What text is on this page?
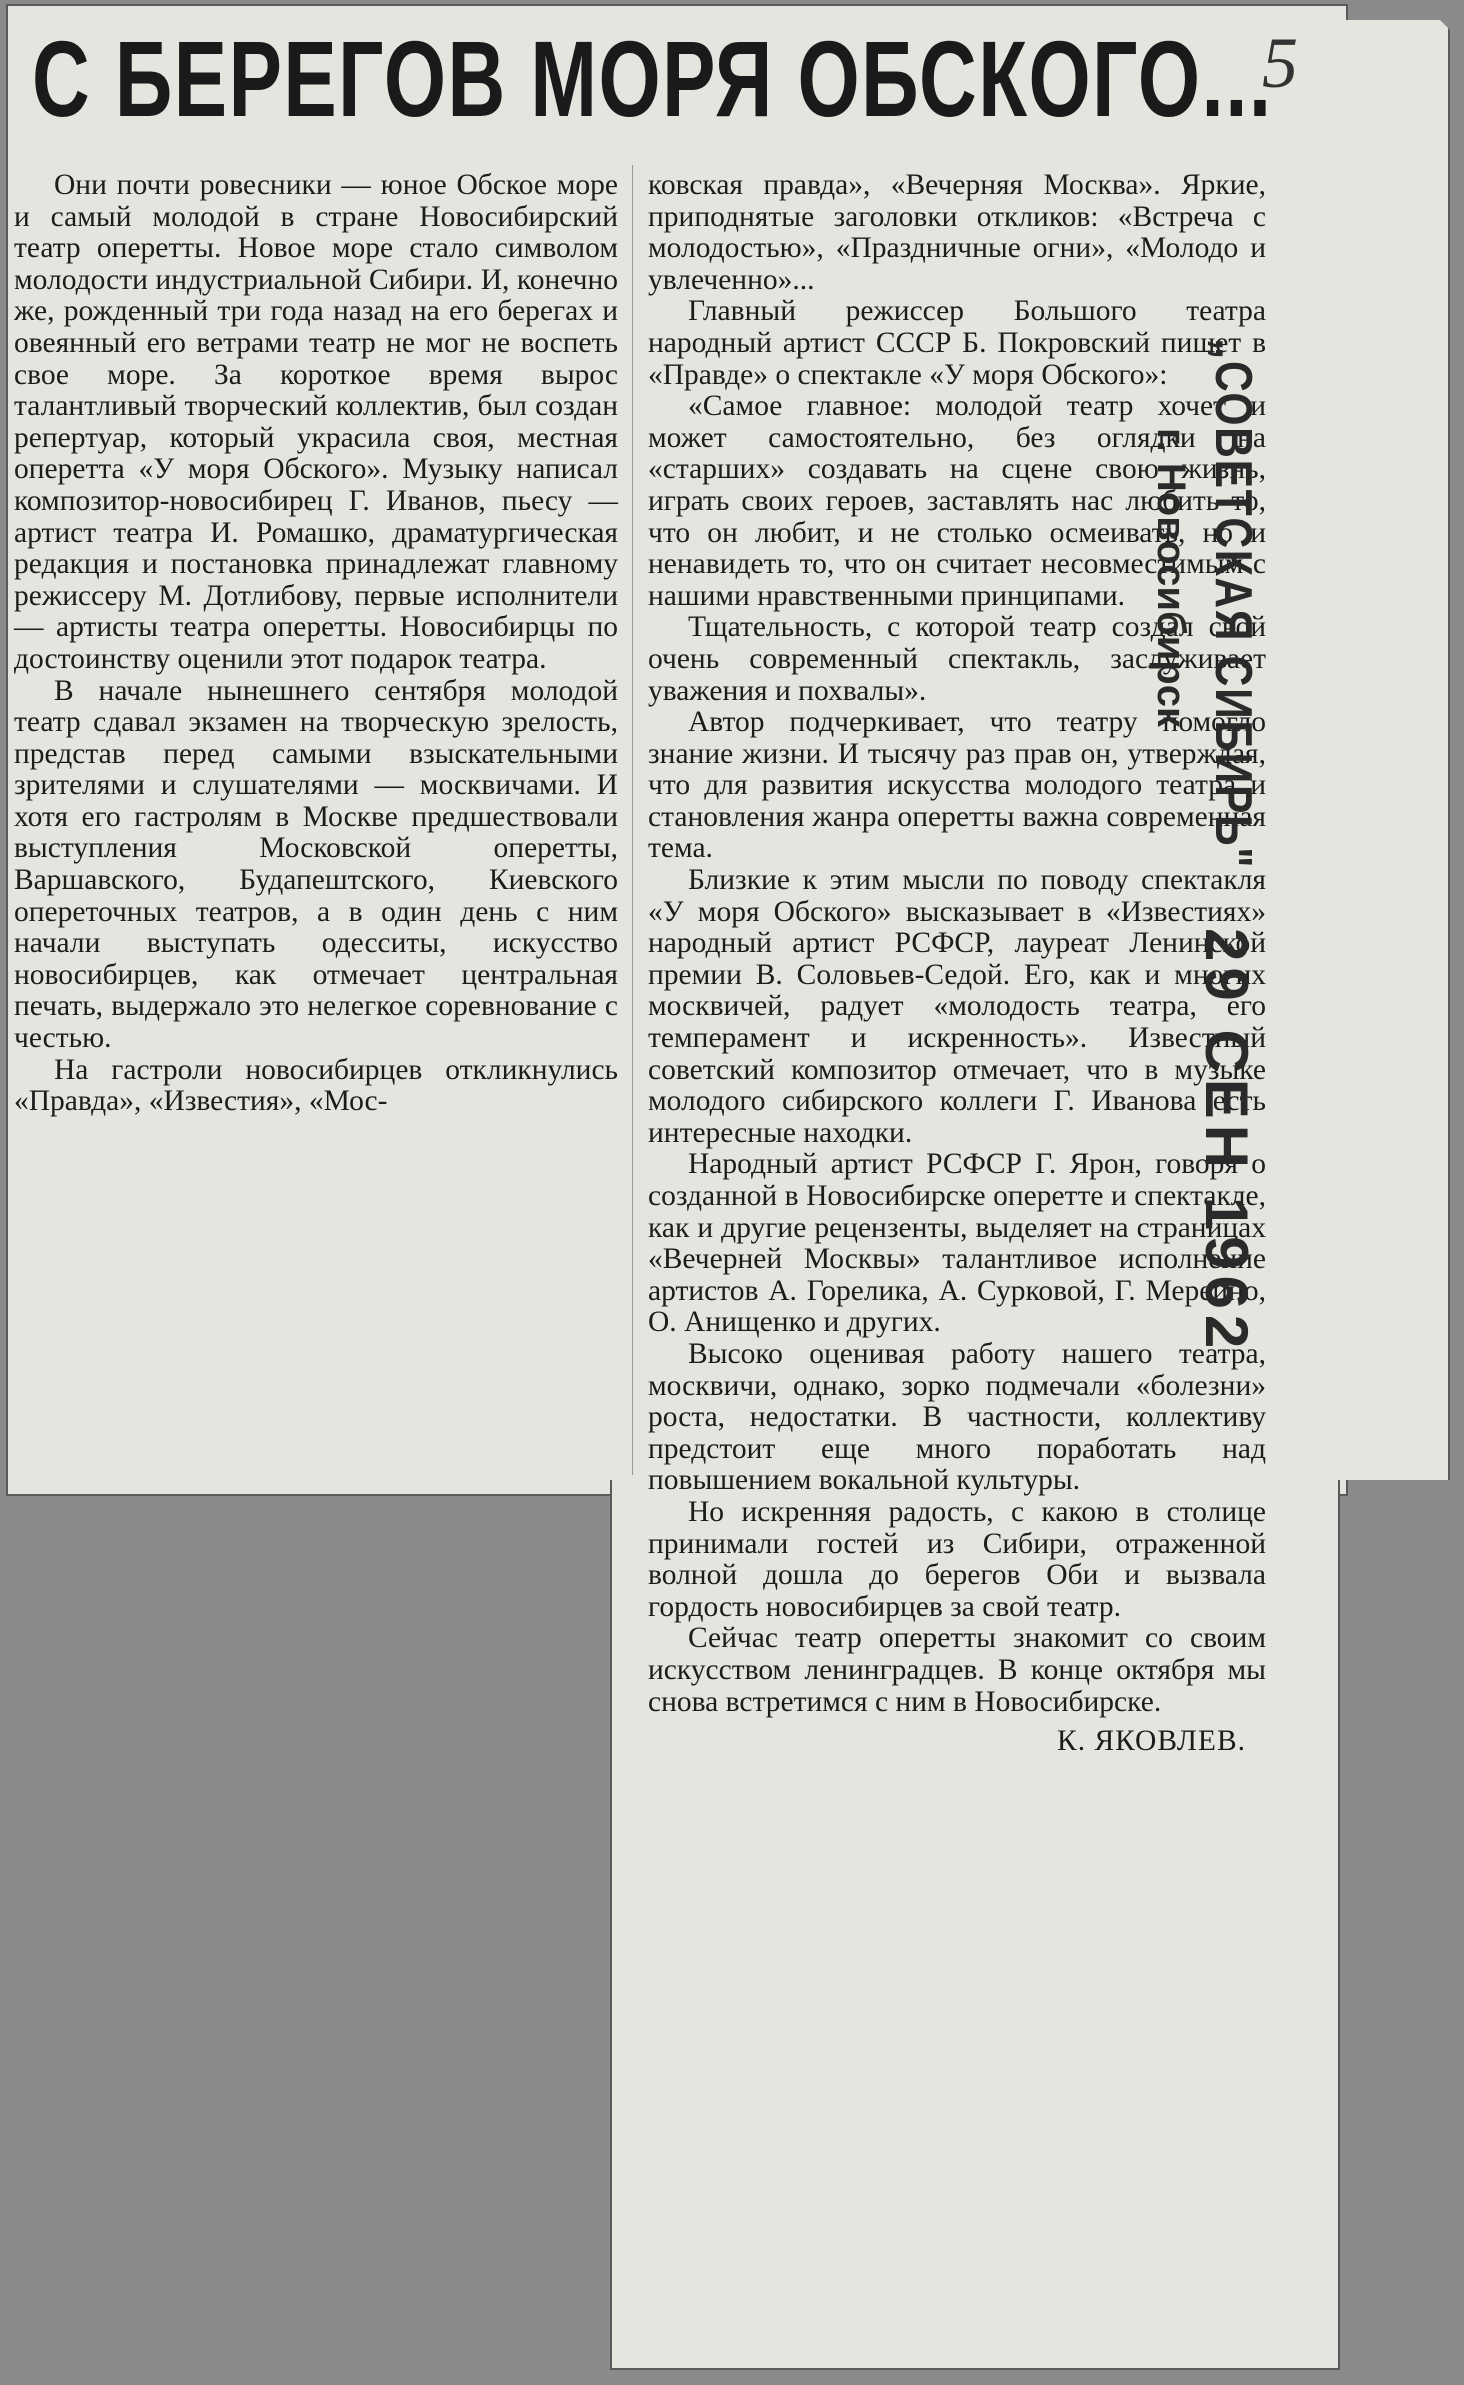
С БЕРЕГОВ МОРЯ ОБСКОГО...
5

Они почти ровесники — юное Обское море и самый молодой в стране Новосибирский театр оперетты. Новое море стало символом молодости индустриальной Сибири. И, конечно же, рожденный три года назад на его берегах и овеянный его ветрами театр не мог не воспеть свое море. За короткое время вырос талантливый творческий коллектив, был создан репертуар, который украсила своя, местная оперетта «У моря Обского». Музыку написал композитор-новосибирец Г. Иванов, пьесу — артист театра И. Ромашко, драматургическая редакция и постановка принадлежат главному режиссеру М. Дотлибову, первые исполнители — артисты театра оперетты. Новосибирцы по достоинству оценили этот подарок театра.

В начале нынешнего сентября молодой театр сдавал экзамен на творческую зрелость, представ перед самыми взыскательными зрителями и слушателями — москвичами. И хотя его гастролям в Москве предшествовали выступления Московской оперетты, Варшавского, Будапештского, Киевского опереточных театров, а в один день с ним начали выступать одесситы, искусство новосибирцев, как отмечает центральная печать, выдержало это нелегкое соревнование с честью.

На гастроли новосибирцев откликнулись «Правда», «Известия», «Мос-

ковская правда», «Вечерняя Москва». Яркие, приподнятые заголовки откликов: «Встреча с молодостью», «Праздничные огни», «Молодо и увлеченно»...

Главный режиссер Большого театра народный артист СССР Б. Покровский пишет в «Правде» о спектакле «У моря Обского»:

«Самое главное: молодой театр хочет и может самостоятельно, без оглядки на «старших» создавать на сцене свою жизнь, играть своих героев, заставлять нас любить то, что он любит, и не столько осмеивать, но и ненавидеть то, что он считает несовместимым с нашими нравственными принципами.

Тщательность, с которой театр создал свой очень современный спектакль, заслуживает уважения и похвалы».

Автор подчеркивает, что театру помогло знание жизни. И тысячу раз прав он, утверждая, что для развития искусства молодого театра и становления жанра оперетты важна современная тема.

Близкие к этим мысли по поводу спектакля «У моря Обского» высказывает в «Известиях» народный артист РСФСР, лауреат Ленинской премии В. Соловьев-Седой. Его, как и многих москвичей, радует «молодость театра, его темперамент и искренность». Известный советский композитор отмечает, что в музыке молодого сибирского коллеги Г. Иванова есть интересные находки.

Народный артист РСФСР Г. Ярон, говоря о созданной в Новосибирске оперетте и спектакле, как и другие рецензенты, выделяет на страницах «Вечерней Москвы» талантливое исполнение артистов А. Горелика, А. Сурковой, Г. Мерейно, О. Анищенко и других.

Высоко оценивая работу нашего театра, москвичи, однако, зорко подмечали «болезни» роста, недостатки. В частности, коллективу предстоит еще много поработать над повышением вокальной культуры.

Но искренняя радость, с какою в столице принимали гостей из Сибири, отраженной волной дошла до берегов Оби и вызвала гордость новосибирцев за свой театр.

Сейчас театр оперетты знакомит со своим искусством ленинградцев. В конце октября мы снова встретимся с ним в Новосибирске.

К. ЯКОВЛЕВ.
„СОВЕТСКАЯ СИБИРЬ"
г. Новосибирск
29 СЕН 1962
